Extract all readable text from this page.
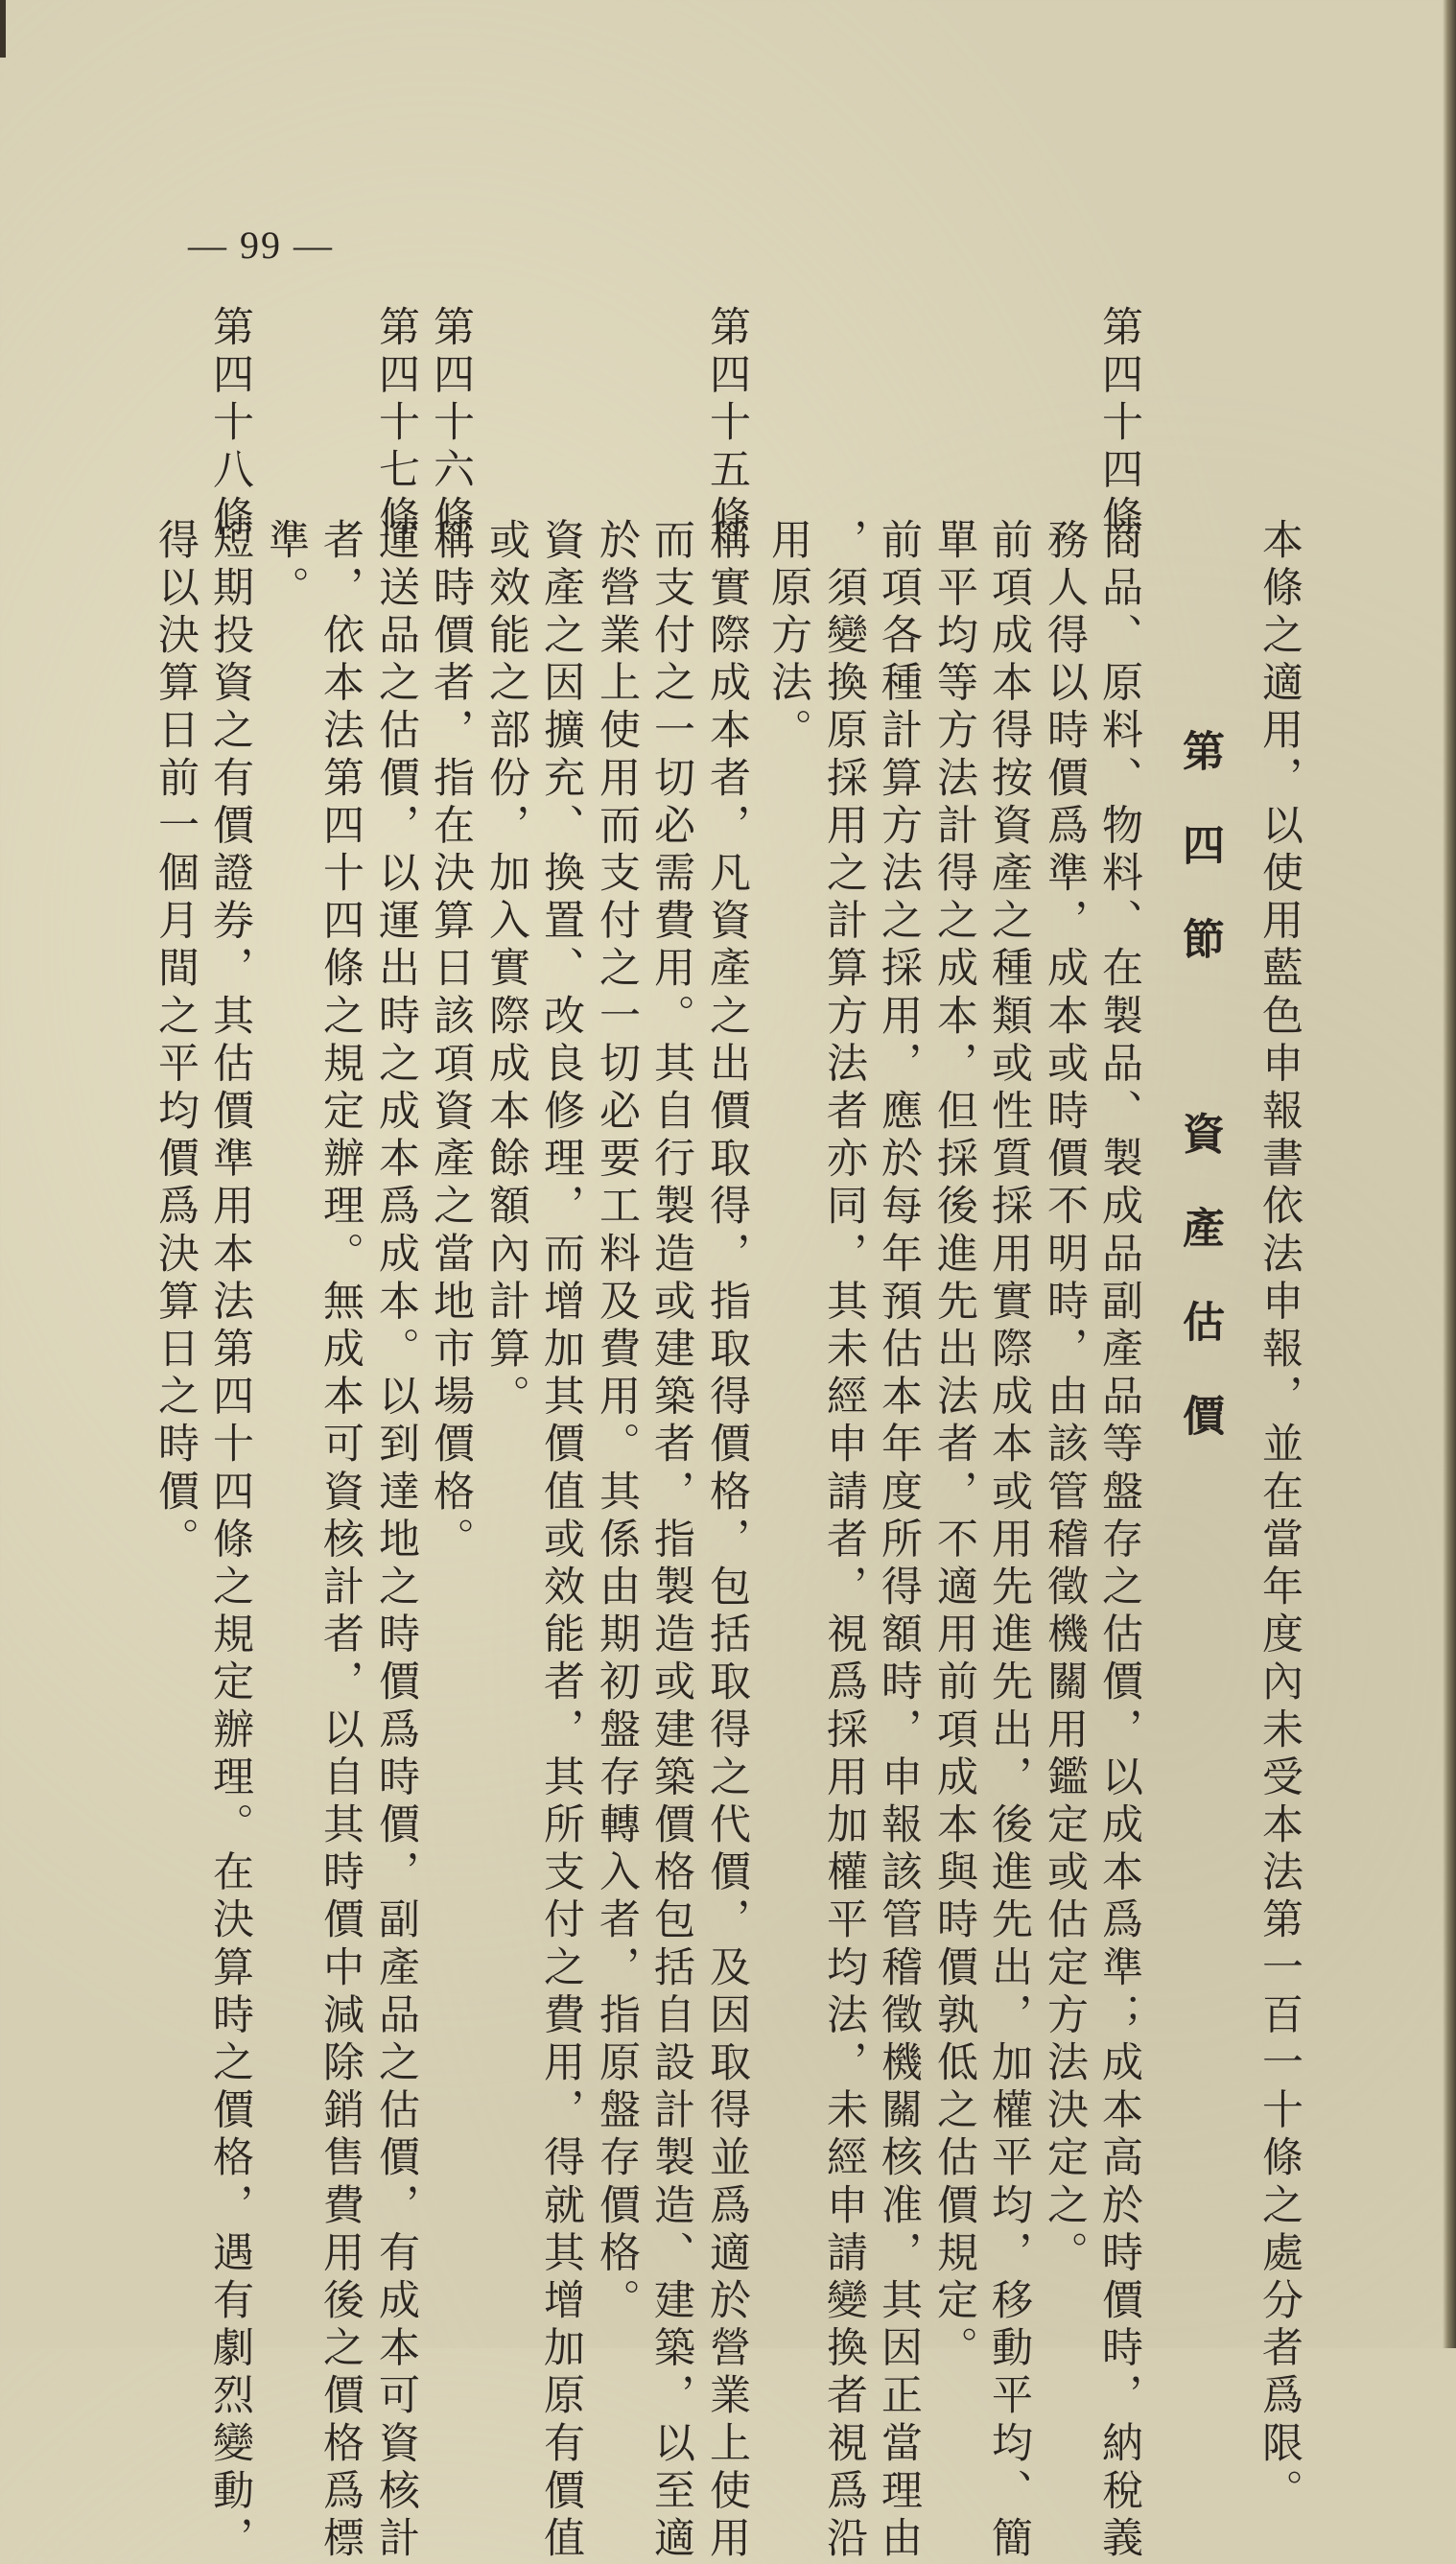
本條之適用，以使用藍色申報書依法申報，並在當年度內未受本法第一百一十條之處分者爲限。
第四節 資產估價
第四十四條
商品、原料、物料、在製品、製成品副產品等盤存之估價，以成本爲準；成本高於時價時，納稅義
務人得以時價爲準，成本或時價不明時，由該管稽徵機關用鑑定或估定方法決定之。
前項成本得按資產之種類或性質採用實際成本或用先進先出，後進先出，加權平均，移動平均、簡
單平均等方法計得之成本，但採後進先出法者，不適用前項成本與時價孰低之估價規定。
前項各種計算方法之採用，應於每年預估本年度所得額時，申報該管稽徵機關核准，其因正當理由
，須變換原採用之計算方法者亦同，其未經申請者，視爲採用加權平均法，未經申請變換者視爲沿
用原方法。
第四十五條
稱實際成本者，凡資產之出價取得，指取得價格，包括取得之代價，及因取得並爲適於營業上使用
而支付之一切必需費用。其自行製造或建築者，指製造或建築價格包括自設計製造、建築，以至適
於營業上使用而支付之一切必要工料及費用。其係由期初盤存轉入者，指原盤存價格。
資產之因擴充、換置、改良修理，而增加其價值或效能者，其所支付之費用，得就其增加原有價值
或效能之部份，加入實際成本餘額內計算。
第四十六條
稱時價者，指在決算日該項資產之當地市場價格。
第四十七條
運送品之估價，以運出時之成本爲成本。以到達地之時價爲時價，副產品之估價，有成本可資核計
者，依本法第四十四條之規定辦理。無成本可資核計者，以自其時價中減除銷售費用後之價格爲標
準。
第四十八條
短期投資之有價證券，其估價準用本法第四十四條之規定辦理。在決算時之價格，遇有劇烈變動，
得以決算日前一個月間之平均價爲決算日之時價。
— 99 —
